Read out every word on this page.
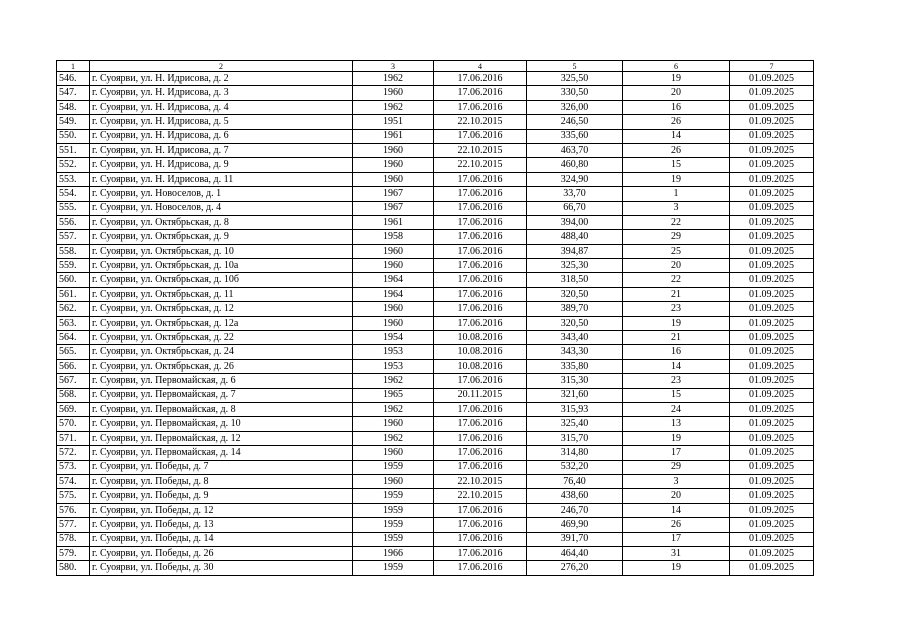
1	2	3	4	5	6	7
546.	г. Суоярви, ул. Н. Идрисова, д. 2	1962	17.06.2016	325,50	19	01.09.2025
547.	г. Суоярви, ул. Н. Идрисова, д. 3	1960	17.06.2016	330,50	20	01.09.2025
548.	г. Суоярви, ул. Н. Идрисова, д. 4	1962	17.06.2016	326,00	16	01.09.2025
549.	г. Суоярви, ул. Н. Идрисова, д. 5	1951	22.10.2015	246,50	26	01.09.2025
550.	г. Суоярви, ул. Н. Идрисова, д. 6	1961	17.06.2016	335,60	14	01.09.2025
551.	г. Суоярви, ул. Н. Идрисова, д. 7	1960	22.10.2015	463,70	26	01.09.2025
552.	г. Суоярви, ул. Н. Идрисова, д. 9	1960	22.10.2015	460,80	15	01.09.2025
553.	г. Суоярви, ул. Н. Идрисова, д. 11	1960	17.06.2016	324,90	19	01.09.2025
554.	г. Суоярви, ул. Новоселов, д. 1	1967	17.06.2016	33,70	1	01.09.2025
555.	г. Суоярви, ул. Новоселов, д. 4	1967	17.06.2016	66,70	3	01.09.2025
556.	г. Суоярви, ул. Октябрьская, д. 8	1961	17.06.2016	394,00	22	01.09.2025
557.	г. Суоярви, ул. Октябрьская, д. 9	1958	17.06.2016	488,40	29	01.09.2025
558.	г. Суоярви, ул. Октябрьская, д. 10	1960	17.06.2016	394,87	25	01.09.2025
559.	г. Суоярви, ул. Октябрьская, д. 10а	1960	17.06.2016	325,30	20	01.09.2025
560.	г. Суоярви, ул. Октябрьская, д. 10б	1964	17.06.2016	318,50	22	01.09.2025
561.	г. Суоярви, ул. Октябрьская, д. 11	1964	17.06.2016	320,50	21	01.09.2025
562.	г. Суоярви, ул. Октябрьская, д. 12	1960	17.06.2016	389,70	23	01.09.2025
563.	г. Суоярви, ул. Октябрьская, д. 12а	1960	17.06.2016	320,50	19	01.09.2025
564.	г. Суоярви, ул. Октябрьская, д. 22	1954	10.08.2016	343,40	21	01.09.2025
565.	г. Суоярви, ул. Октябрьская, д. 24	1953	10.08.2016	343,30	16	01.09.2025
566.	г. Суоярви, ул. Октябрьская, д. 26	1953	10.08.2016	335,80	14	01.09.2025
567.	г. Суоярви, ул. Первомайская, д. 6	1962	17.06.2016	315,30	23	01.09.2025
568.	г. Суоярви, ул. Первомайская, д. 7	1965	20.11.2015	321,60	15	01.09.2025
569.	г. Суоярви, ул. Первомайская, д. 8	1962	17.06.2016	315,93	24	01.09.2025
570.	г. Суоярви, ул. Первомайская, д. 10	1960	17.06.2016	325,40	13	01.09.2025
571.	г. Суоярви, ул. Первомайская, д. 12	1962	17.06.2016	315,70	19	01.09.2025
572.	г. Суоярви, ул. Первомайская, д. 14	1960	17.06.2016	314,80	17	01.09.2025
573.	г. Суоярви, ул. Победы, д. 7	1959	17.06.2016	532,20	29	01.09.2025
574.	г. Суоярви, ул. Победы, д. 8	1960	22.10.2015	76,40	3	01.09.2025
575.	г. Суоярви, ул. Победы, д. 9	1959	22.10.2015	438,60	20	01.09.2025
576.	г. Суоярви, ул. Победы, д. 12	1959	17.06.2016	246,70	14	01.09.2025
577.	г. Суоярви, ул. Победы, д. 13	1959	17.06.2016	469,90	26	01.09.2025
578.	г. Суоярви, ул. Победы, д. 14	1959	17.06.2016	391,70	17	01.09.2025
579.	г. Суоярви, ул. Победы, д. 26	1966	17.06.2016	464,40	31	01.09.2025
580.	г. Суоярви, ул. Победы, д. 30	1959	17.06.2016	276,20	19	01.09.2025
